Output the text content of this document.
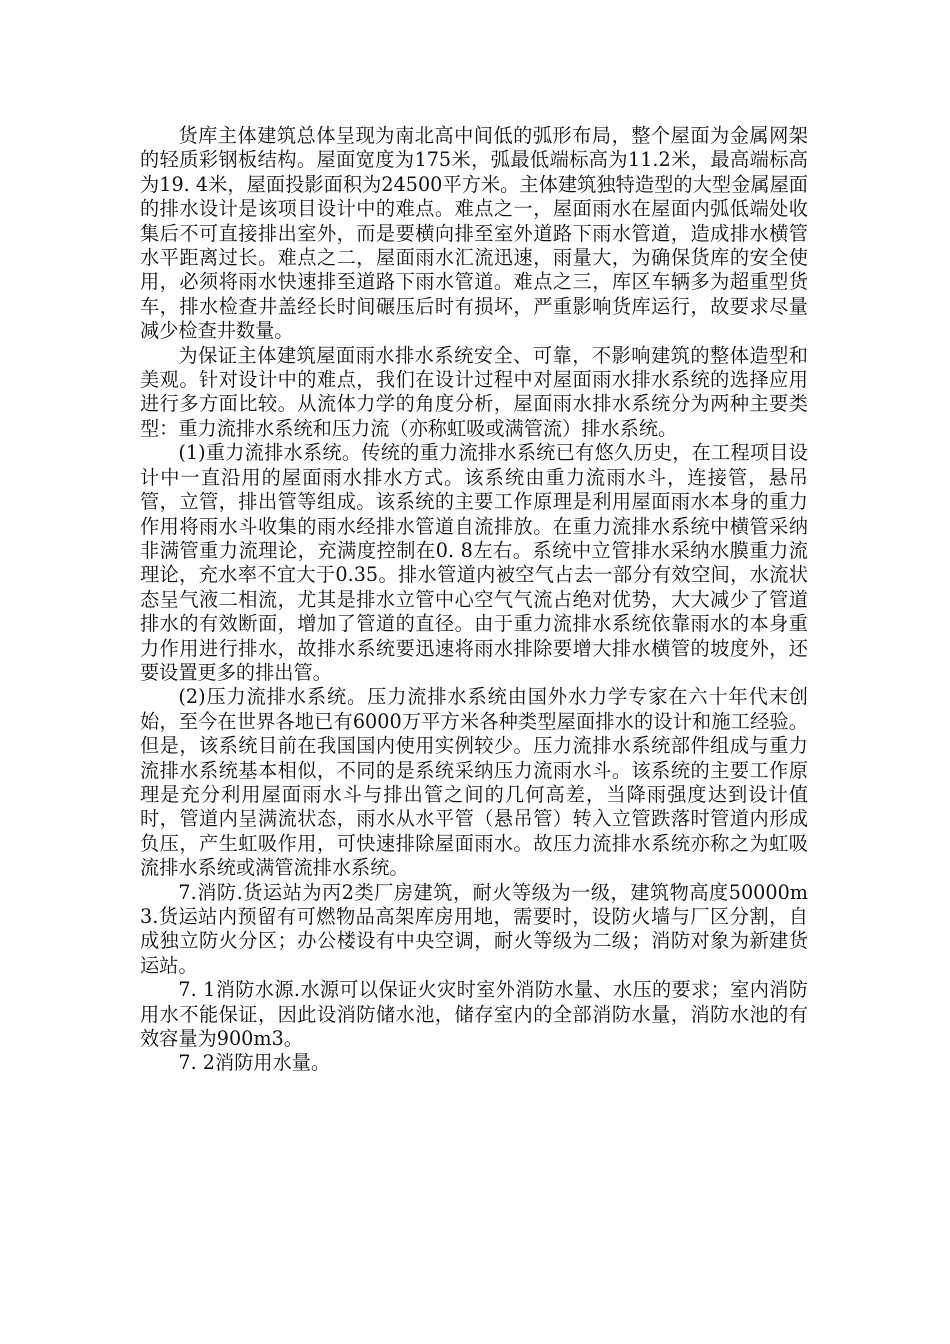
货库主体建筑总体呈现为南北高中间低的弧形布局，整个屋面为金属网架的轻质彩钢板结构。屋面宽度为175米，弧最低端标高为11.2米，最高端标高为19. 4米，屋面投影面积为24500平方米。主体建筑独特造型的大型金属屋面的排水设计是该项目设计中的难点。难点之一，屋面雨水在屋面内弧低端处收集后不可直接排出室外，而是要横向排至室外道路下雨水管道，造成排水横管水平距离过长。难点之二，屋面雨水汇流迅速，雨量大，为确保货库的安全使用，必须将雨水快速排至道路下雨水管道。难点之三，库区车辆多为超重型货车，排水检查井盖经长时间碾压后时有损坏，严重影响货库运行，故要求尽量减少检查井数量。

为保证主体建筑屋面雨水排水系统安全、可靠，不影响建筑的整体造型和美观。针对设计中的难点，我们在设计过程中对屋面雨水排水系统的选择应用进行多方面比较。从流体力学的角度分析，屋面雨水排水系统分为两种主要类型：重力流排水系统和压力流（亦称虹吸或满管流）排水系统。

(1)重力流排水系统。传统的重力流排水系统已有悠久历史，在工程项目设计中一直沿用的屋面雨水排水方式。该系统由重力流雨水斗，连接管，悬吊管，立管，排出管等组成。该系统的主要工作原理是利用屋面雨水本身的重力作用将雨水斗收集的雨水经排水管道自流排放。在重力流排水系统中横管采纳非满管重力流理论，充满度控制在0. 8左右。系统中立管排水采纳水膜重力流理论，充水率不宜大于0.35。排水管道内被空气占去一部分有效空间，水流状态呈气液二相流，尤其是排水立管中心空气气流占绝对优势，大大减少了管道排水的有效断面，增加了管道的直径。由于重力流排水系统依靠雨水的本身重力作用进行排水，故排水系统要迅速将雨水排除要增大排水横管的坡度外，还要设置更多的排出管。

(2)压力流排水系统。压力流排水系统由国外水力学专家在六十年代末创始，至今在世界各地已有6000万平方米各种类型屋面排水的设计和施工经验。但是，该系统目前在我国国内使用实例较少。压力流排水系统部件组成与重力流排水系统基本相似，不同的是系统采纳压力流雨水斗。该系统的主要工作原理是充分利用屋面雨水斗与排出管之间的几何高差，当降雨强度达到设计值时，管道内呈满流状态，雨水从水平管（悬吊管）转入立管跌落时管道内形成负压，产生虹吸作用，可快速排除屋面雨水。故压力流排水系统亦称之为虹吸流排水系统或满管流排水系统。

7.消防.货运站为丙2类厂房建筑，耐火等级为一级，建筑物高度50000m3.货运站内预留有可燃物品高架库房用地，需要时，设防火墙与厂区分割，自成独立防火分区；办公楼设有中央空调，耐火等级为二级；消防对象为新建货运站。

7. 1消防水源.水源可以保证火灾时室外消防水量、水压的要求；室内消防用水不能保证，因此设消防储水池，储存室内的全部消防水量，消防水池的有效容量为900m3。

7. 2消防用水量。
